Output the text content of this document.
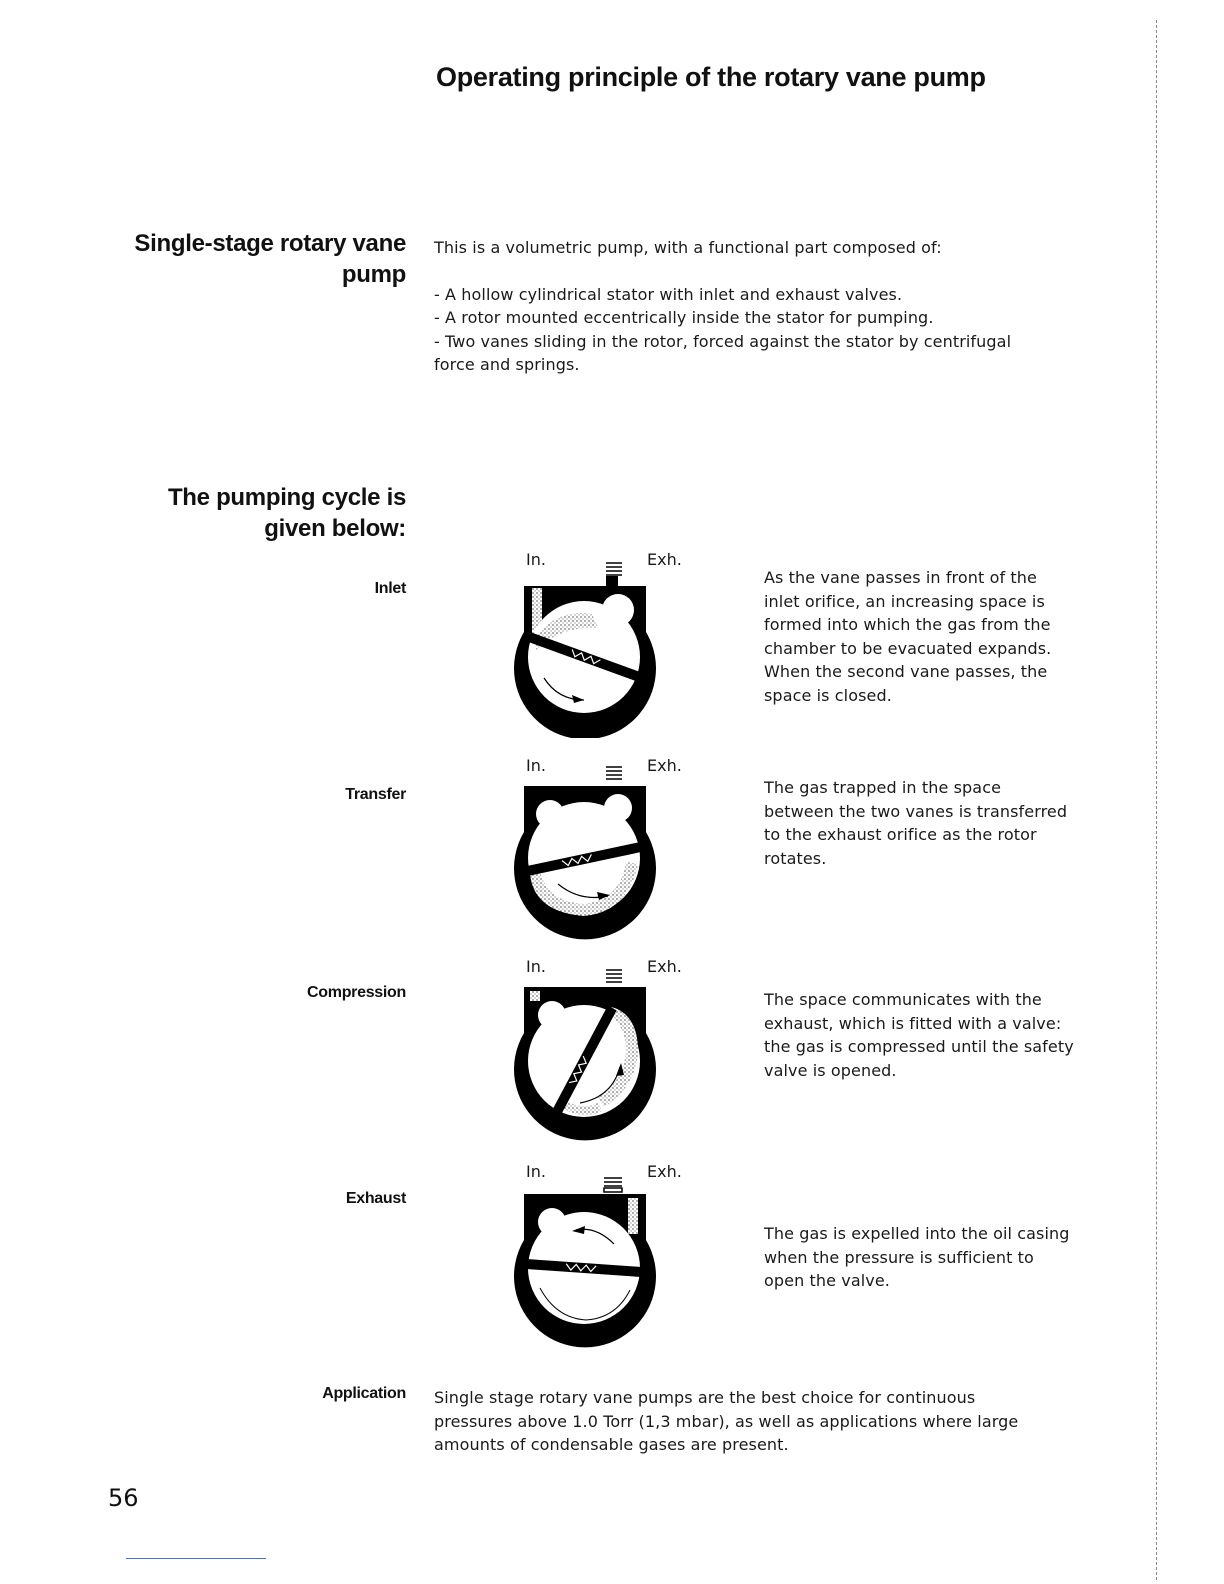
Operating principle of the rotary vane pump
Single-stage rotary vane pump

This is a volumetric pump, with a functional part composed of:

- A hollow cylindrical stator with inlet and exhaust valves.

- A rotor mounted eccentrically inside the stator for pumping.

- Two vanes sliding in the rotor, forced against the stator by centrifugal force and springs.

The pumping cycle is given below:
Inlet
In.	Exh.
As the vane passes in front of the inlet orifice, an increasing space is formed into which the gas from the chamber to be evacuated expands. When the second vane passes, the space is closed.
Transfer
In.	Exh.
The gas trapped in the space between the two vanes is transferred to the exhaust orifice as the rotor rotates.
Compression
In.	Exh.
The space communicates with the exhaust, which is fitted with a valve: the gas is compressed until the safety valve is opened.
Exhaust
In.	Exh.
The gas is expelled into the oil casing when the pressure is sufficient to open the valve.
Application Single stage rotary vane pumps are the best choice for continuous pressures above 1.0 Torr (1,3 mbar), as well as applications where large amounts of condensable gases are present.
56
